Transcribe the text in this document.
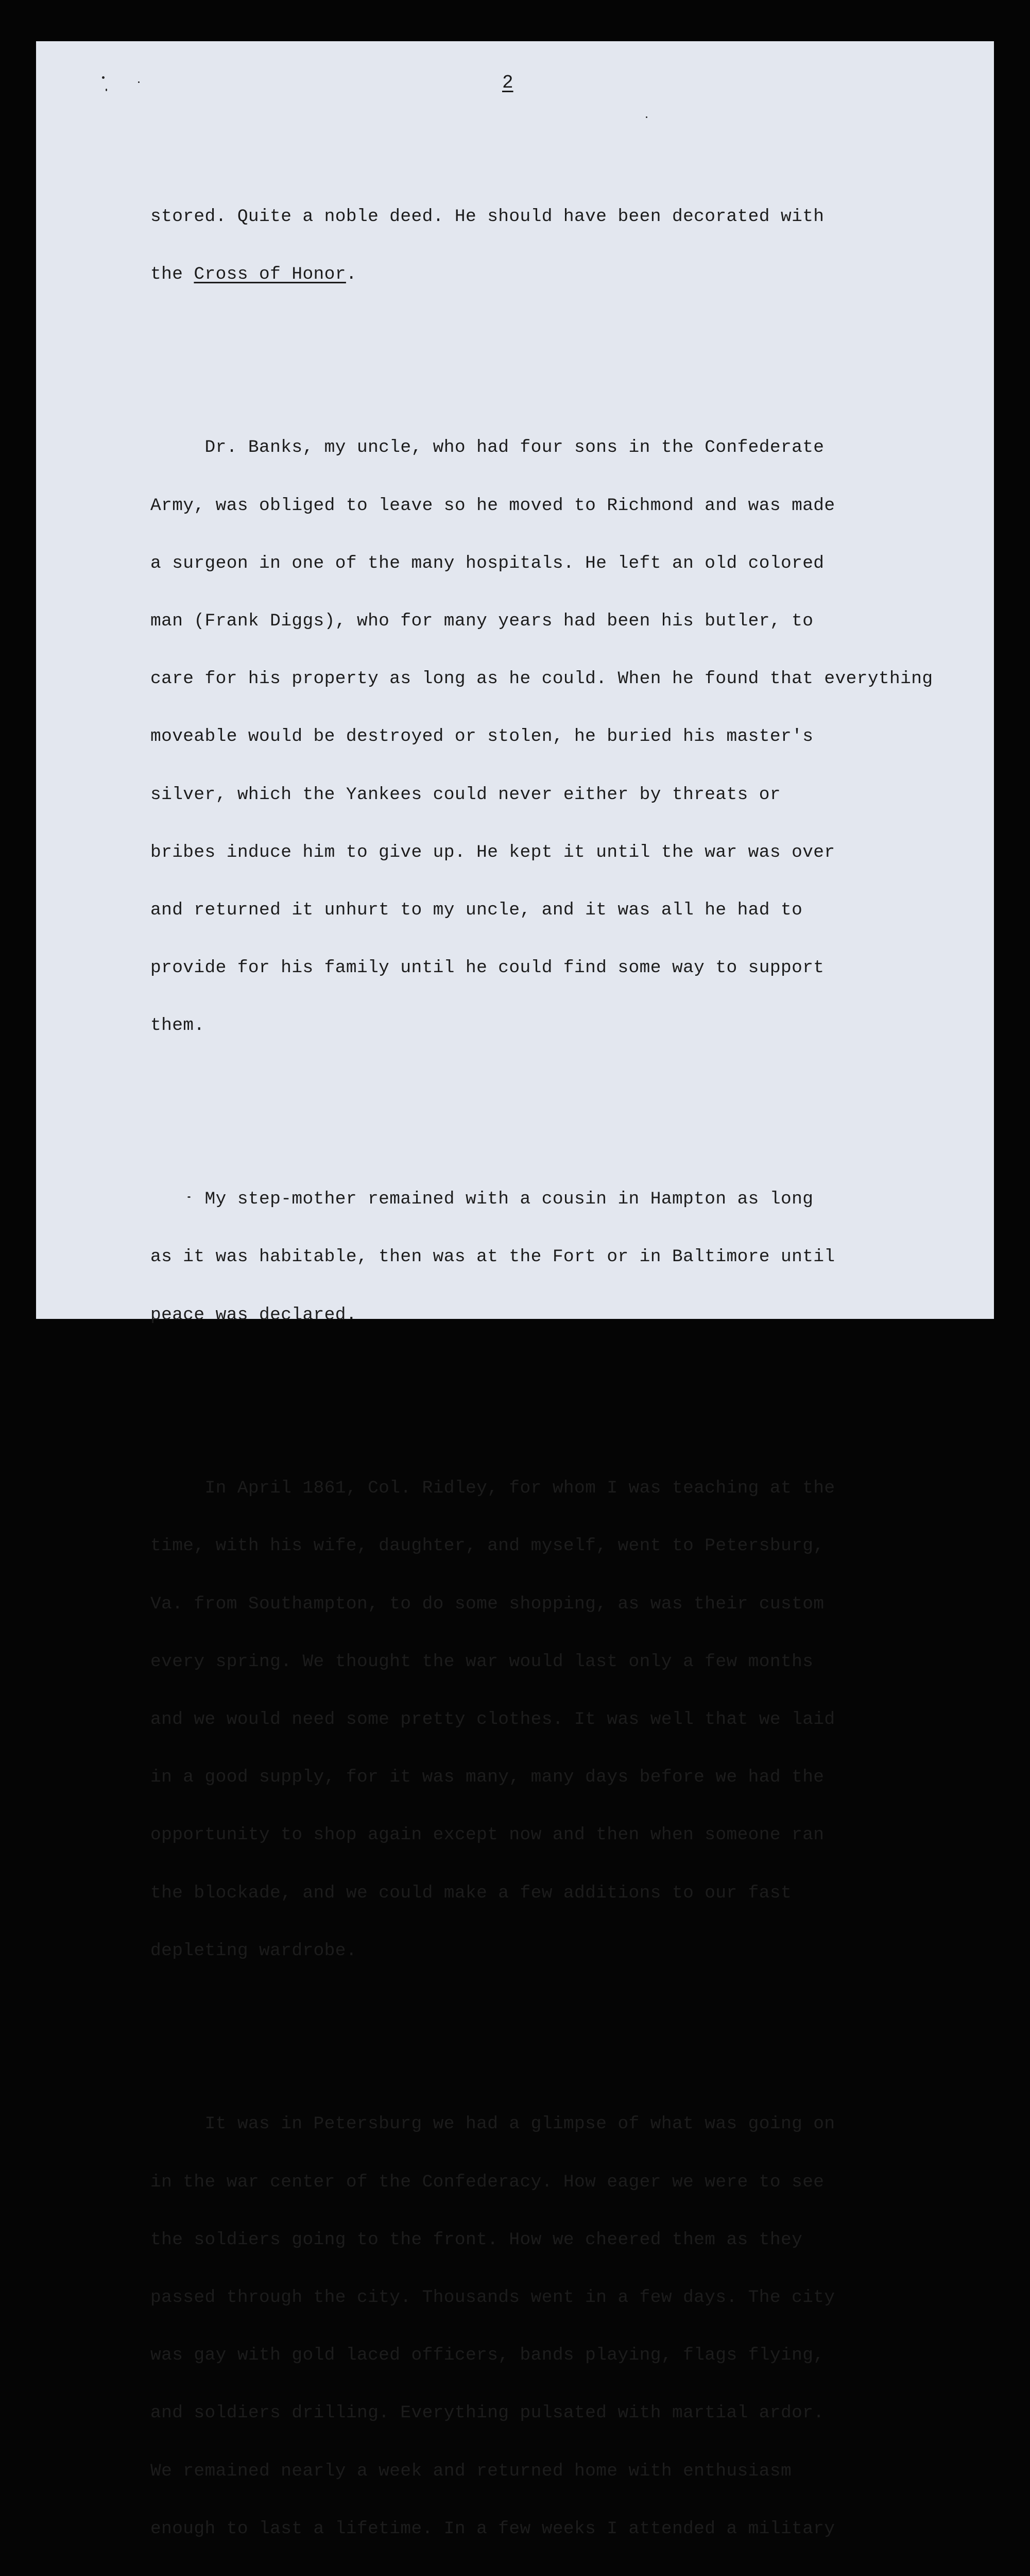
2

stored. Quite a noble deed. He should have been decorated with

the Cross of Honor.

Dr. Banks, my uncle, who had four sons in the Confederate

Army, was obliged to leave so he moved to Richmond and was made

a surgeon in one of the many hospitals. He left an old colored

man (Frank Diggs), who for many years had been his butler, to

care for his property as long as he could. When he found that everything

moveable would be destroyed or stolen, he buried his master's

silver, which the Yankees could never either by threats or

bribes induce him to give up. He kept it until the war was over

and returned it unhurt to my uncle, and it was all he had to

provide for his family until he could find some way to support

them.

My step-mother remained with a cousin in Hampton as long

as it was habitable, then was at the Fort or in Baltimore until

peace was declared.

In April 1861, Col. Ridley, for whom I was teaching at the

time, with his wife, daughter, and myself, went to Petersburg,

Va. from Southampton, to do some shopping, as was their custom

every spring. We thought the war would last only a few months

and we would need some pretty clothes. It was well that we laid

in a good supply, for it was many, many days before we had the

opportunity to shop again except now and then when someone ran

the blockade, and we could make a few additions to our fast

depleting wardrobe.

It was in Petersburg we had a glimpse of what was going on

in the war center of the Confederacy. How eager we were to see

the soldiers going to the front. How we cheered them as they

passed through the city. Thousands went in a few days. The city

was gay with gold laced officers, bands playing, flags flying,

and soldiers drilling. Everything pulsated with martial ardor.

We remained nearly a week and returned home with enthusiasm

enough to last a lifetime. In a few weeks I attended a military
